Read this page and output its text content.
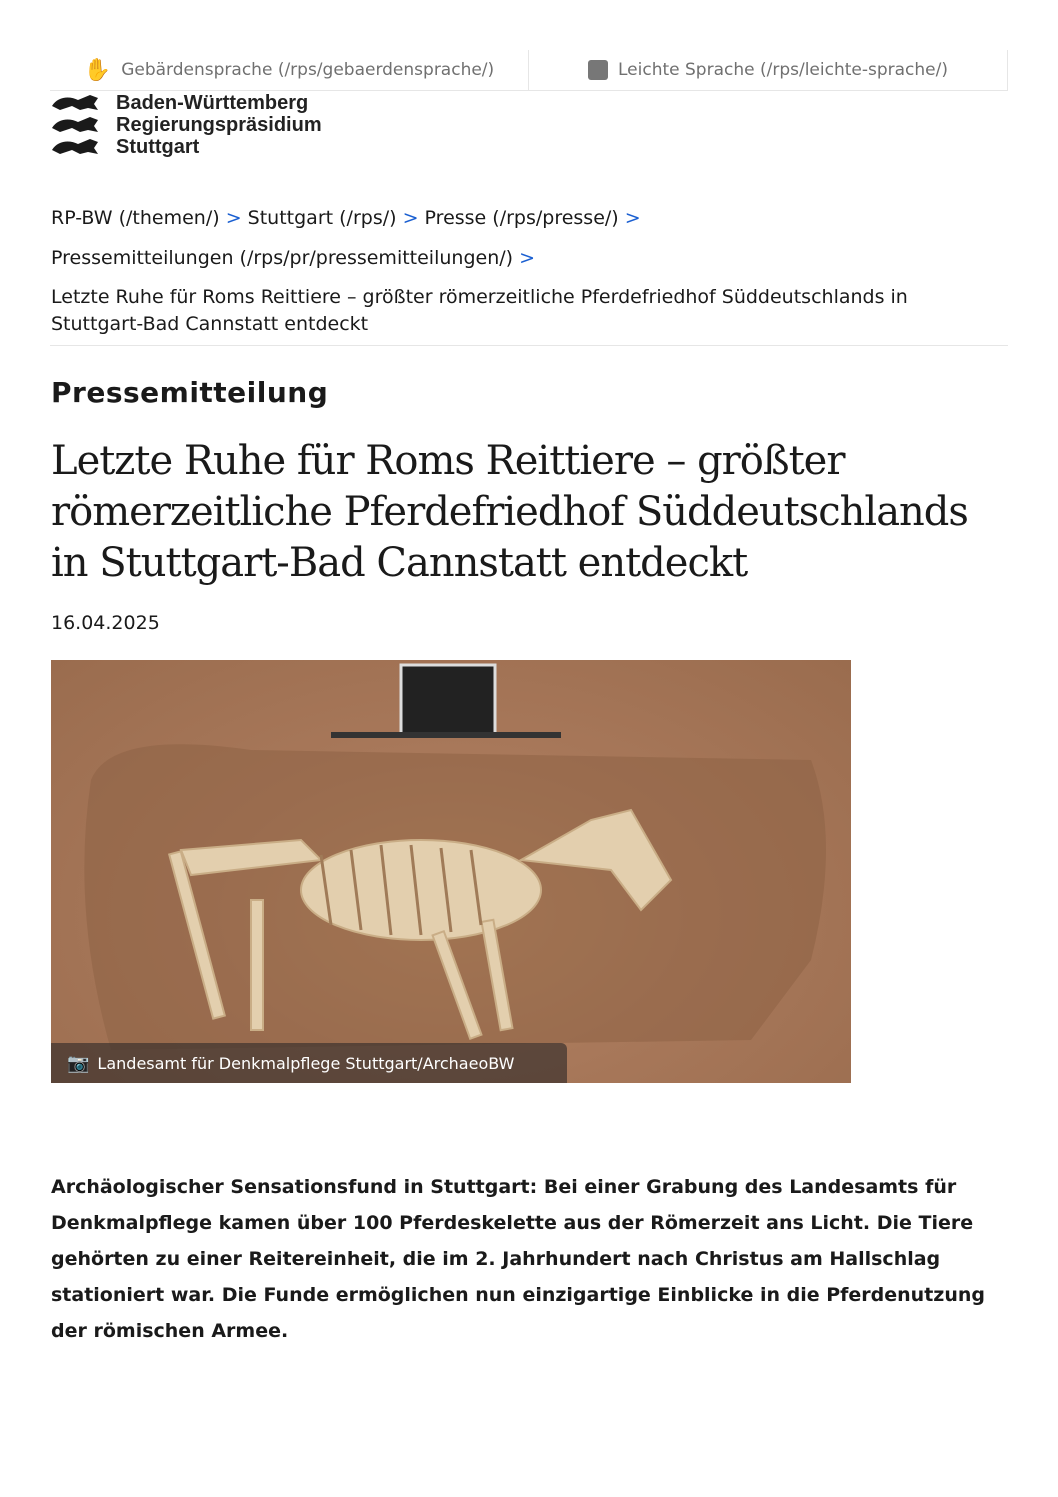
✋ Gebärdensprache (/rps/gebaerdensprache/)	Leichte Sprache (/rps/leichte-sprache/)
Baden-Württemberg
Regierungspräsidium
Stuttgart
RP-BW (/themen/) > Stuttgart (/rps/) > Presse (/rps/presse/) >
Pressemitteilungen (/rps/pr/pressemitteilungen/) >
Letzte Ruhe für Roms Reittiere – größter römerzeitliche Pferdefriedhof Süddeutschlands in Stuttgart-Bad Cannstatt entdeckt
Pressemitteilung
Letzte Ruhe für Roms Reittiere – größter römerzeitliche Pferdefriedhof Süddeutschlands in Stuttgart-Bad Cannstatt entdeckt
16.04.2025
📷 Landesamt für Denkmalpflege Stuttgart/ArchaeoBW

Archäologischer Sensationsfund in Stuttgart: Bei einer Grabung des Landesamts für Denkmalpflege kamen über 100 Pferdeskelette aus der Römerzeit ans Licht. Die Tiere gehörten zu einer Reitereinheit, die im 2. Jahrhundert nach Christus am Hallschlag stationiert war. Die Funde ermöglichen nun einzigartige Einblicke in die Pferdenutzung der römischen Armee.
